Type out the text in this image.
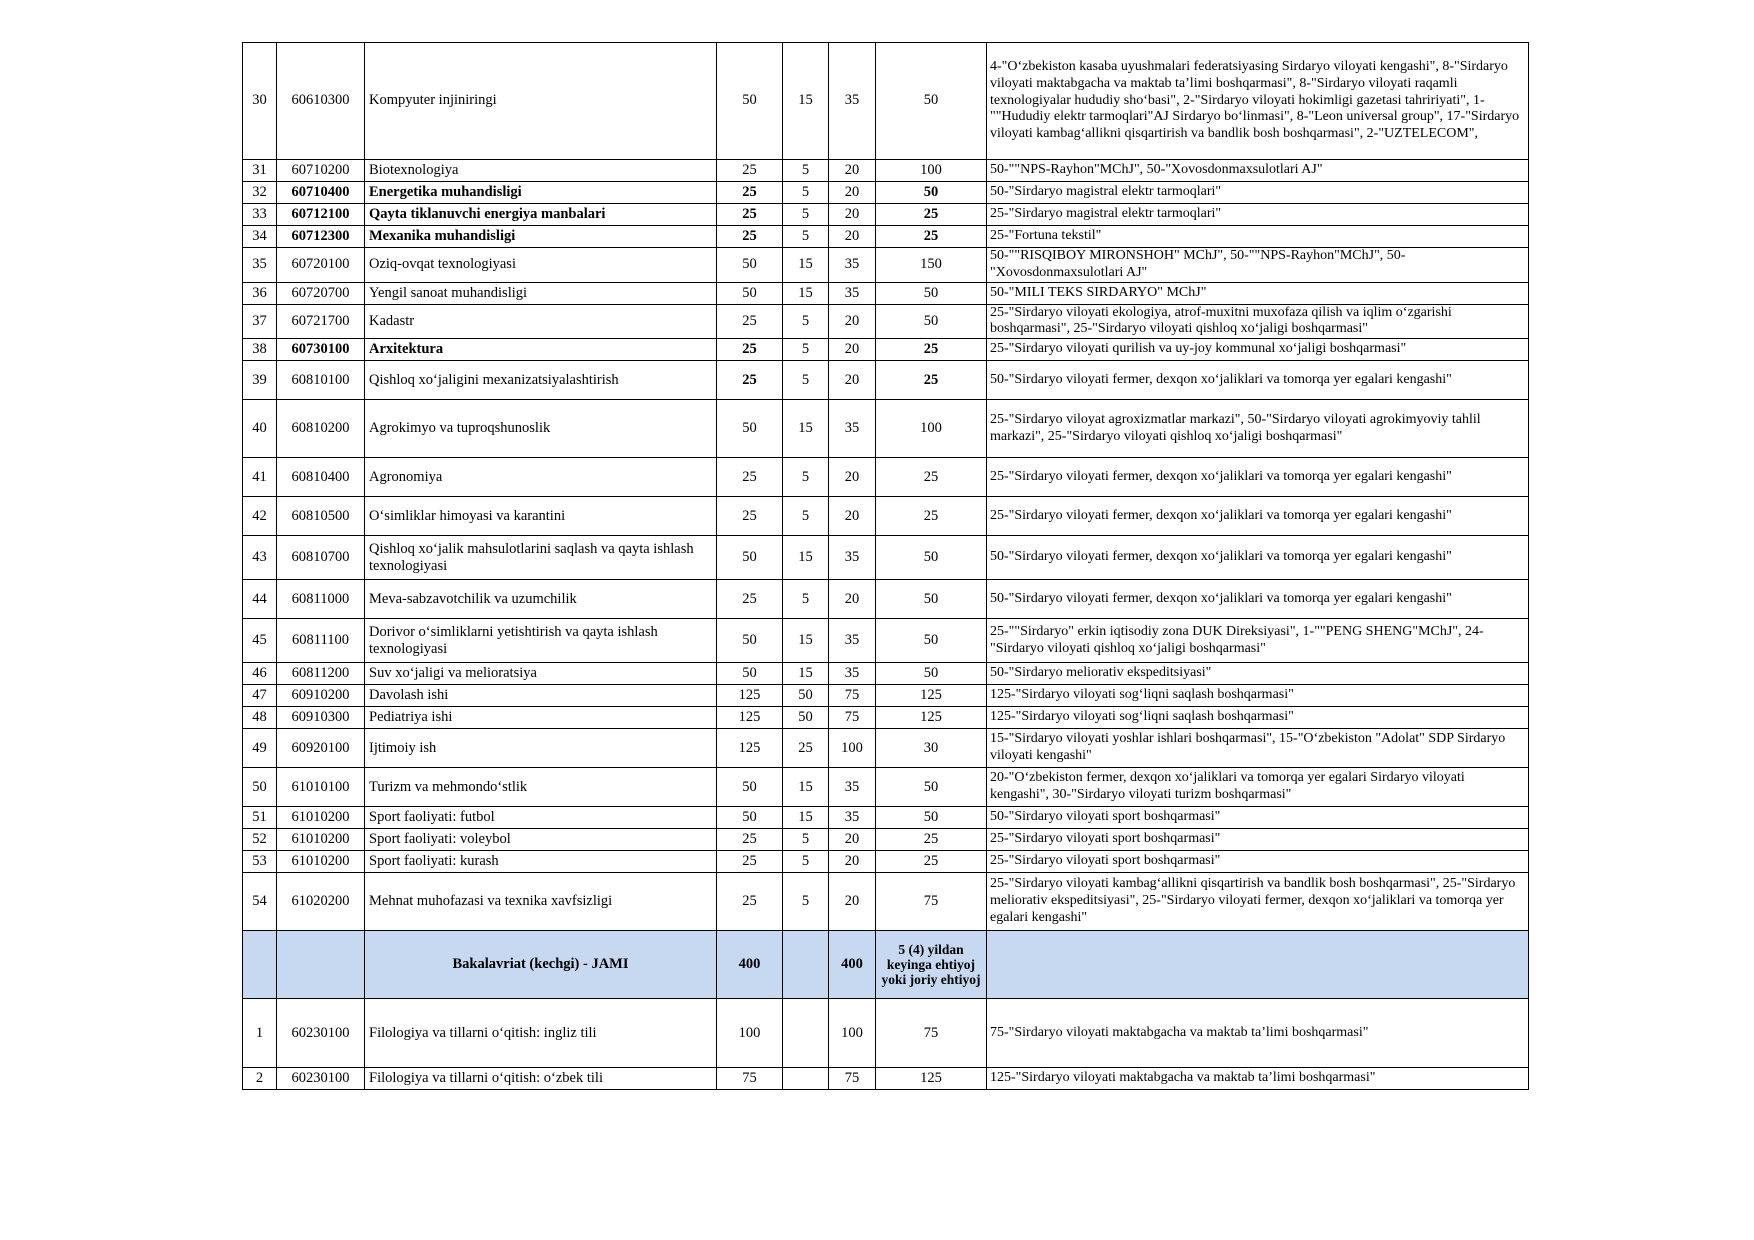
30	60610300	Kompyuter injiniringi	50	15	35	50	4-"O‘zbekiston kasaba uyushmalari federatsiyasing Sirdaryo viloyati kengashi", 8-"Sirdaryo viloyati maktabgacha va maktab ta’limi boshqarmasi", 8-"Sirdaryo viloyati raqamli texnologiyalar hududiy sho‘basi", 2-"Sirdaryo viloyati hokimligi gazetasi tahririyati", 1-""Hududiy elektr tarmoqlari"AJ Sirdaryo bo‘linmasi", 8-"Leon universal group", 17-"Sirdaryo viloyati kambag‘allikni qisqartirish va bandlik bosh boshqarmasi", 2-"UZTELECOM",
31	60710200	Biotexnologiya	25	5	20	100	50-""NPS-Rayhon"MChJ", 50-"Xovosdonmaxsulotlari AJ"
32	60710400	Energetika muhandisligi	25	5	20	50	50-"Sirdaryo magistral elektr tarmoqlari"
33	60712100	Qayta tiklanuvchi energiya manbalari	25	5	20	25	25-"Sirdaryo magistral elektr tarmoqlari"
34	60712300	Mexanika muhandisligi	25	5	20	25	25-"Fortuna tekstil"
35	60720100	Oziq-ovqat texnologiyasi	50	15	35	150	50-""RISQIBOY MIRONSHOH" MChJ", 50-""NPS-Rayhon"MChJ", 50-"Xovosdonmaxsulotlari AJ"
36	60720700	Yengil sanoat muhandisligi	50	15	35	50	50-"MILI TEKS SIRDARYO" MChJ"
37	60721700	Kadastr	25	5	20	50	25-"Sirdaryo viloyati ekologiya, atrof-muxitni muxofaza qilish va iqlim o‘zgarishi boshqarmasi", 25-"Sirdaryo viloyati qishloq xo‘jaligi boshqarmasi"
38	60730100	Arxitektura	25	5	20	25	25-"Sirdaryo viloyati qurilish va uy-joy kommunal xo‘jaligi boshqarmasi"
39	60810100	Qishloq xo‘jaligini mexanizatsiyalashtirish	25	5	20	25	50-"Sirdaryo viloyati fermer, dexqon xo‘jaliklari va tomorqa yer egalari kengashi"
40	60810200	Agrokimyo va tuproqshunoslik	50	15	35	100	25-"Sirdaryo viloyat agroxizmatlar markazi", 50-"Sirdaryo viloyati agrokimyoviy tahlil markazi", 25-"Sirdaryo viloyati qishloq xo‘jaligi boshqarmasi"
41	60810400	Agronomiya	25	5	20	25	25-"Sirdaryo viloyati fermer, dexqon xo‘jaliklari va tomorqa yer egalari kengashi"
42	60810500	O‘simliklar himoyasi va karantini	25	5	20	25	25-"Sirdaryo viloyati fermer, dexqon xo‘jaliklari va tomorqa yer egalari kengashi"
43	60810700	Qishloq xo‘jalik mahsulotlarini saqlash va qayta ishlash texnologiyasi	50	15	35	50	50-"Sirdaryo viloyati fermer, dexqon xo‘jaliklari va tomorqa yer egalari kengashi"
44	60811000	Meva-sabzavotchilik va uzumchilik	25	5	20	50	50-"Sirdaryo viloyati fermer, dexqon xo‘jaliklari va tomorqa yer egalari kengashi"
45	60811100	Dorivor o‘simliklarni yetishtirish va qayta ishlash texnologiyasi	50	15	35	50	25-""Sirdaryo" erkin iqtisodiy zona DUK Direksiyasi", 1-""PENG SHENG"MChJ", 24-"Sirdaryo viloyati qishloq xo‘jaligi boshqarmasi"
46	60811200	Suv xo‘jaligi va melioratsiya	50	15	35	50	50-"Sirdaryo meliorativ ekspeditsiyasi"
47	60910200	Davolash ishi	125	50	75	125	125-"Sirdaryo viloyati sog‘liqni saqlash boshqarmasi"
48	60910300	Pediatriya ishi	125	50	75	125	125-"Sirdaryo viloyati sog‘liqni saqlash boshqarmasi"
49	60920100	Ijtimoiy ish	125	25	100	30	15-"Sirdaryo viloyati yoshlar ishlari boshqarmasi", 15-"O‘zbekiston "Adolat" SDP Sirdaryo viloyati kengashi"
50	61010100	Turizm va mehmondo‘stlik	50	15	35	50	20-"O‘zbekiston fermer, dexqon xo‘jaliklari va tomorqa yer egalari Sirdaryo viloyati kengashi", 30-"Sirdaryo viloyati turizm boshqarmasi"
51	61010200	Sport faoliyati: futbol	50	15	35	50	50-"Sirdaryo viloyati sport boshqarmasi"
52	61010200	Sport faoliyati: voleybol	25	5	20	25	25-"Sirdaryo viloyati sport boshqarmasi"
53	61010200	Sport faoliyati: kurash	25	5	20	25	25-"Sirdaryo viloyati sport boshqarmasi"
54	61020200	Mehnat muhofazasi va texnika xavfsizligi	25	5	20	75	25-"Sirdaryo viloyati kambag‘allikni qisqartirish va bandlik bosh boshqarmasi", 25-"Sirdaryo meliorativ ekspeditsiyasi", 25-"Sirdaryo viloyati fermer, dexqon xo‘jaliklari va tomorqa yer egalari kengashi"
		Bakalavriat (kechgi) - JAMI	400		400	5 (4) yildan keyinga ehtiyoj yoki joriy ehtiyoj	
1	60230100	Filologiya va tillarni o‘qitish: ingliz tili	100		100	75	75-"Sirdaryo viloyati maktabgacha va maktab ta’limi boshqarmasi"
2	60230100	Filologiya va tillarni o‘qitish: o‘zbek tili	75		75	125	125-"Sirdaryo viloyati maktabgacha va maktab ta’limi boshqarmasi"
